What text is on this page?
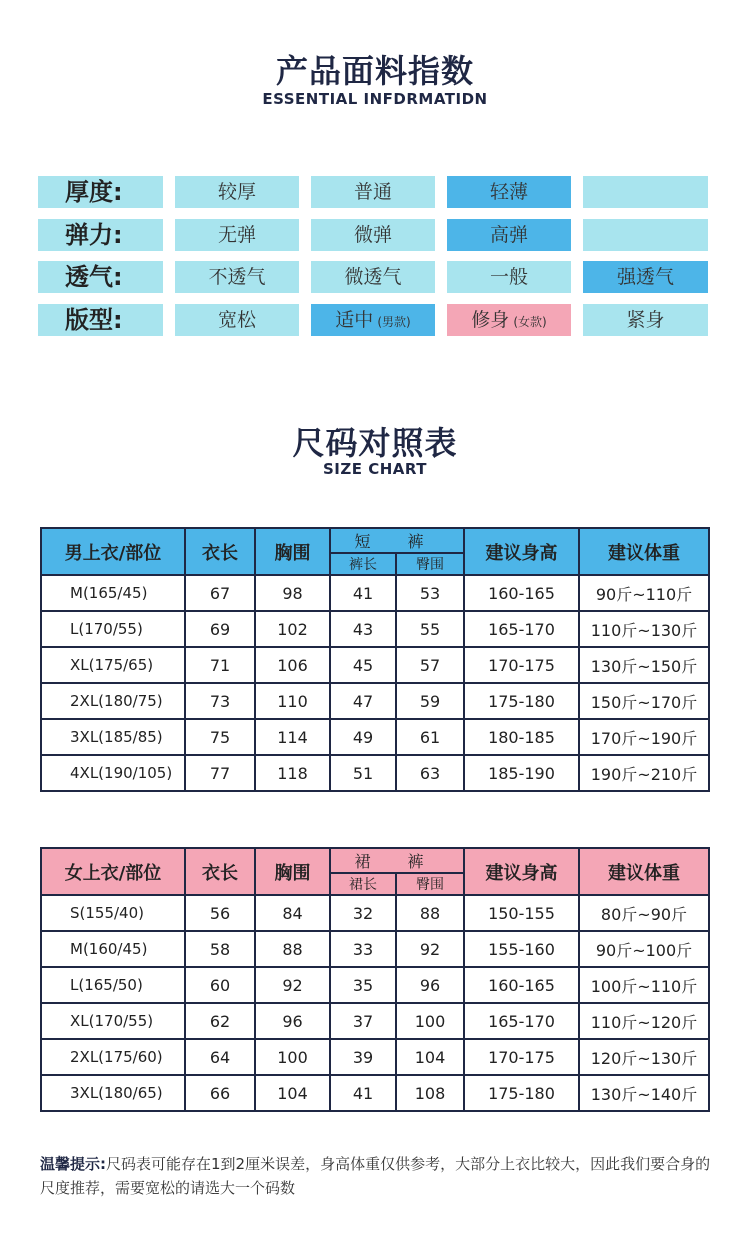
产品面料指数
ESSENTIAL INFDRMATIDN
厚度:	较厚	普通	轻薄
弹力:	无弹	微弹	高弹
透气:	不透气	微透气	一般	强透气
版型:	宽松	适中 (男款)	修身 (女款)	紧身
尺码对照表
SIZE CHART
男上衣/部位	衣长	胸围	短 裤		建议身高	建议体重
			裤长	臀围		
M(165/45)	67	98	41	53	160-165	90斤~110斤
L(170/55)	69	102	43	55	165-170	110斤~130斤
XL(175/65)	71	106	45	57	170-175	130斤~150斤
2XL(180/75)	73	110	47	59	175-180	150斤~170斤
3XL(185/85)	75	114	49	61	180-185	170斤~190斤
4XL(190/105)	77	118	51	63	185-190	190斤~210斤
女上衣/部位	衣长	胸围	裙 裤		建议身高	建议体重
			裙长	臀围		
S(155/40)	56	84	32	88	150-155	80斤~90斤
M(160/45)	58	88	33	92	155-160	90斤~100斤
L(165/50)	60	92	35	96	160-165	100斤~110斤
XL(170/55)	62	96	37	100	165-170	110斤~120斤
2XL(175/60)	64	100	39	104	170-175	120斤~130斤
3XL(180/65)	66	104	41	108	175-180	130斤~140斤
温馨提示:尺码表可能存在1到2厘米误差，身高体重仅供参考，大部分上衣比较大，因此我们要合身的尺度推荐，需要宽松的请选大一个码数
